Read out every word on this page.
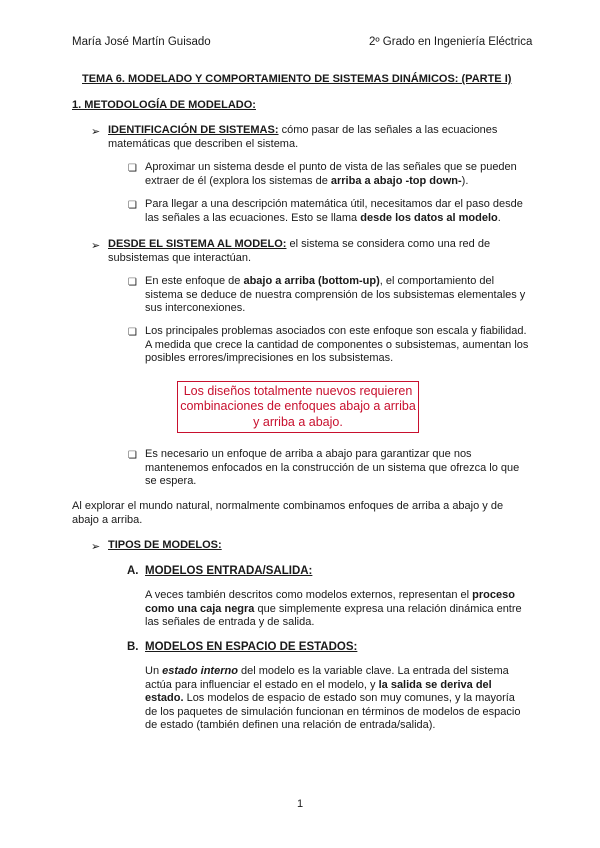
María José Martín Guisado	2º Grado en Ingeniería Eléctrica
TEMA 6. MODELADO Y COMPORTAMIENTO DE SISTEMAS DINÁMICOS: (PARTE I)
1. METODOLOGÍA DE MODELADO:
➢ IDENTIFICACIÓN DE SISTEMAS: cómo pasar de las señales a las ecuaciones matemáticas que describen el sistema.
❏ Aproximar un sistema desde el punto de vista de las señales que se pueden extraer de él (explora los sistemas de arriba a abajo -top down-).
❏ Para llegar a una descripción matemática útil, necesitamos dar el paso desde las señales a las ecuaciones. Esto se llama desde los datos al modelo.
➢ DESDE EL SISTEMA AL MODELO: el sistema se considera como una red de subsistemas que interactúan.
❏ En este enfoque de abajo a arriba (bottom-up), el comportamiento del sistema se deduce de nuestra comprensión de los subsistemas elementales y sus interconexiones.
❏ Los principales problemas asociados con este enfoque son escala y fiabilidad. A medida que crece la cantidad de componentes o subsistemas, aumentan los posibles errores/imprecisiones en los subsistemas.
Los diseños totalmente nuevos requieren
combinaciones de enfoques abajo a arriba
y arriba a abajo.
❏ Es necesario un enfoque de arriba a abajo para garantizar que nos mantenemos enfocados en la construcción de un sistema que ofrezca lo que se espera.
Al explorar el mundo natural, normalmente combinamos enfoques de arriba a abajo y de abajo a arriba.
➢ TIPOS DE MODELOS:
A. MODELOS ENTRADA/SALIDA:
A veces también descritos como modelos externos, representan el proceso como una caja negra que simplemente expresa una relación dinámica entre las señales de entrada y de salida.
B. MODELOS EN ESPACIO DE ESTADOS:
Un estado interno del modelo es la variable clave. La entrada del sistema actúa para influenciar el estado en el modelo, y la salida se deriva del estado. Los modelos de espacio de estado son muy comunes, y la mayoría de los paquetes de simulación funcionan en términos de modelos de espacio de estado (también definen una relación de entrada/salida).
1
